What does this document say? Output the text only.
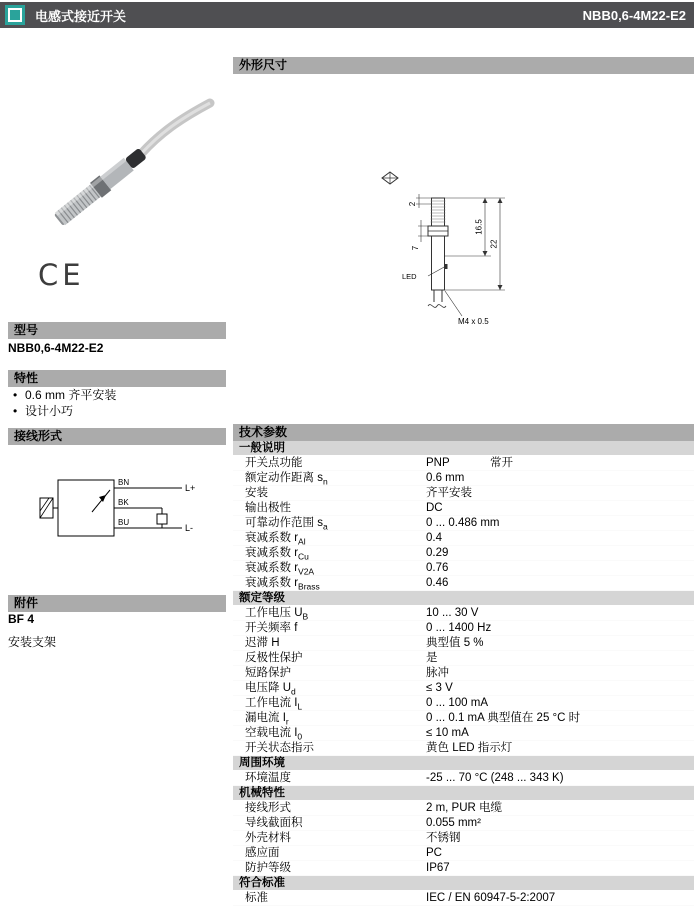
电感式接近开关	NBB0,6-4M22-E2
CE
型号
NBB0,6-4M22-E2
特性
• 0.6 mm 齐平安装
• 设计小巧
接线形式
BN
BK
BU
L+
L-
附件
BF 4
安装支架
外形尺寸
2
7
16.5
22
LED
M4 x 0.5
技术参数
一般说明
开关点功能	PNP	常开
额定动作距离 $s_n$	0.6 mm
安装	齐平安装
输出极性	DC
可靠动作范围 $s_a$	0 ... 0.486 mm
衰减系数 $r_{Al}$	0.4
衰减系数 $r_{Cu}$	0.29
衰减系数 $r_{V2A}$	0.76
衰减系数 $r_{Brass}$	0.46
额定等级
工作电压 $U_B$	10 ... 30 V
开关频率 f	0 ... 1400 Hz
迟滞 H	典型值 5 %
反极性保护	是
短路保护	脉冲
电压降 $U_d$	≤ 3 V
工作电流 $I_L$	0 ... 100 mA
漏电流 $I_r$	0 ... 0.1 mA 典型值在 25 °C 时
空载电流 $I_0$	≤ 10 mA
开关状态指示	黄色 LED 指示灯
周围环境
环境温度	-25 ... 70 °C (248 ... 343 K)
机械特性
接线形式	2 m, PUR 电缆
导线截面积	0.055 mm²
外壳材料	不锈钢
感应面	PC
防护等级	IP67
符合标准
标准	IEC / EN 60947-5-2:2007
